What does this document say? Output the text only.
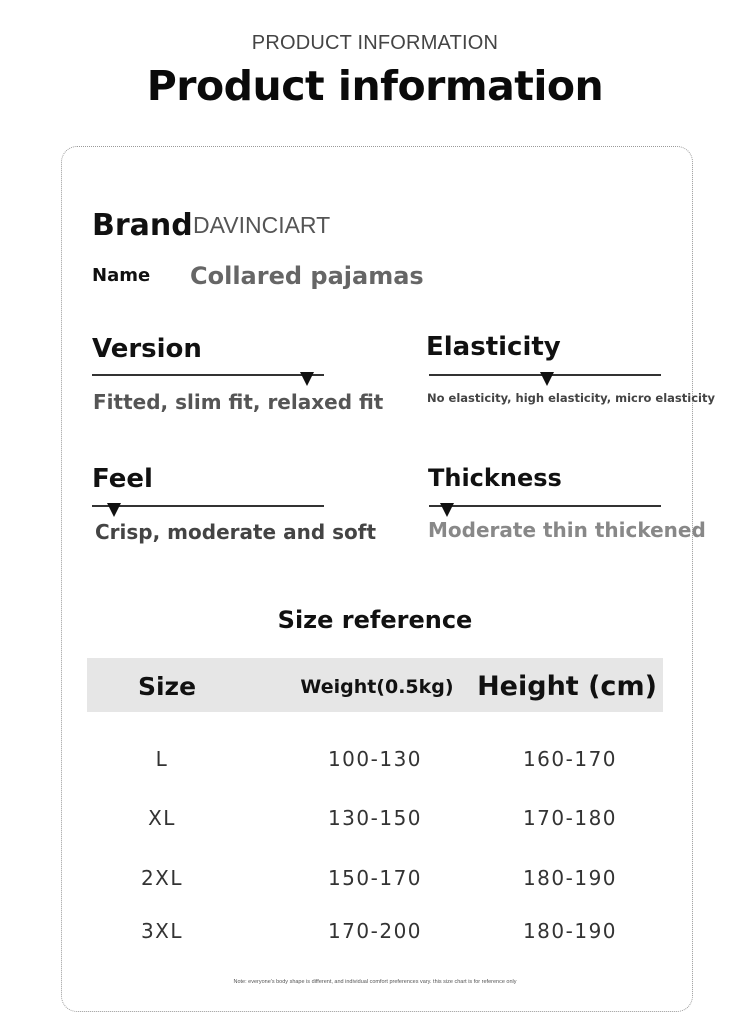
PRODUCT INFORMATION
Product information
Brand DAVINCIART
Name Collared pajamas
Version
Fitted, slim fit, relaxed fit
Elasticity
No elasticity, high elasticity, micro elasticity
Feel
Crisp, moderate and soft
Thickness
Moderate thin thickened
Size reference
Size	Weight(0.5kg) Height (cm)
L	100-130	160-170
XL	130-150	170-180
2XL	150-170	180-190
3XL	170-200	180-190
Note: everyone's body shape is different, and individual comfort preferences vary. this size chart is for reference only
